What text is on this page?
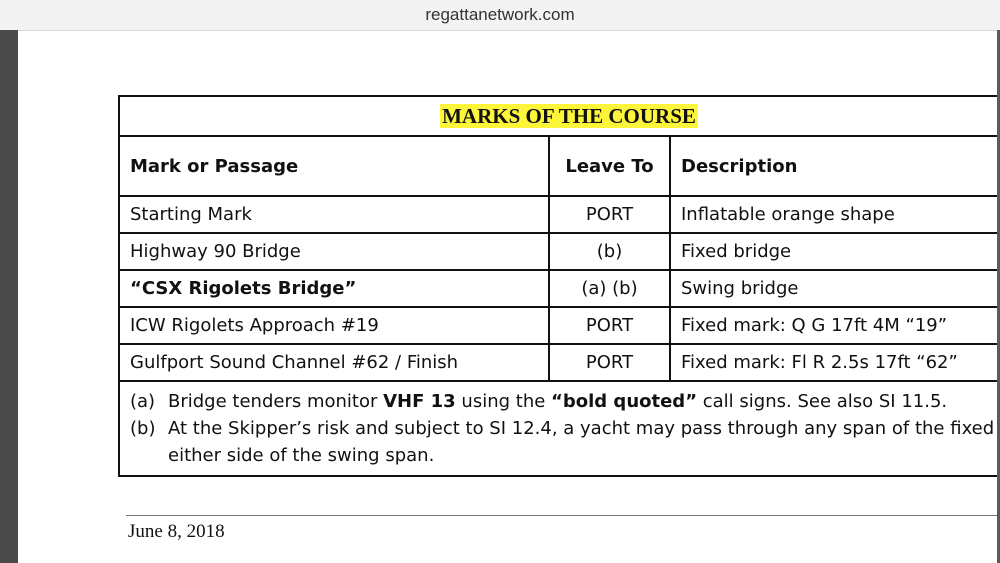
regattanetwork.com
MARKS OF THE COURSE		
Mark or Passage	Leave To	Description
Starting Mark	PORT	Inflatable orange shape
Highway 90 Bridge	(b)	Fixed bridge
“CSX Rigolets Bridge”	(a) (b)	Swing bridge
ICW Rigolets Approach #19	PORT	Fixed mark: Q G 17ft 4M “19”
Gulfport Sound Channel #62 / Finish	PORT	Fixed mark: Fl R 2.5s 17ft “62”

(a) Bridge tenders monitor VHF 13 using the “bold quoted” call signs. See also SI 11.5.
(b) At the Skipper’s risk and subject to SI 12.4, a yacht may pass through any span of the fixed
either side of the swing span.		
June 8, 2018
